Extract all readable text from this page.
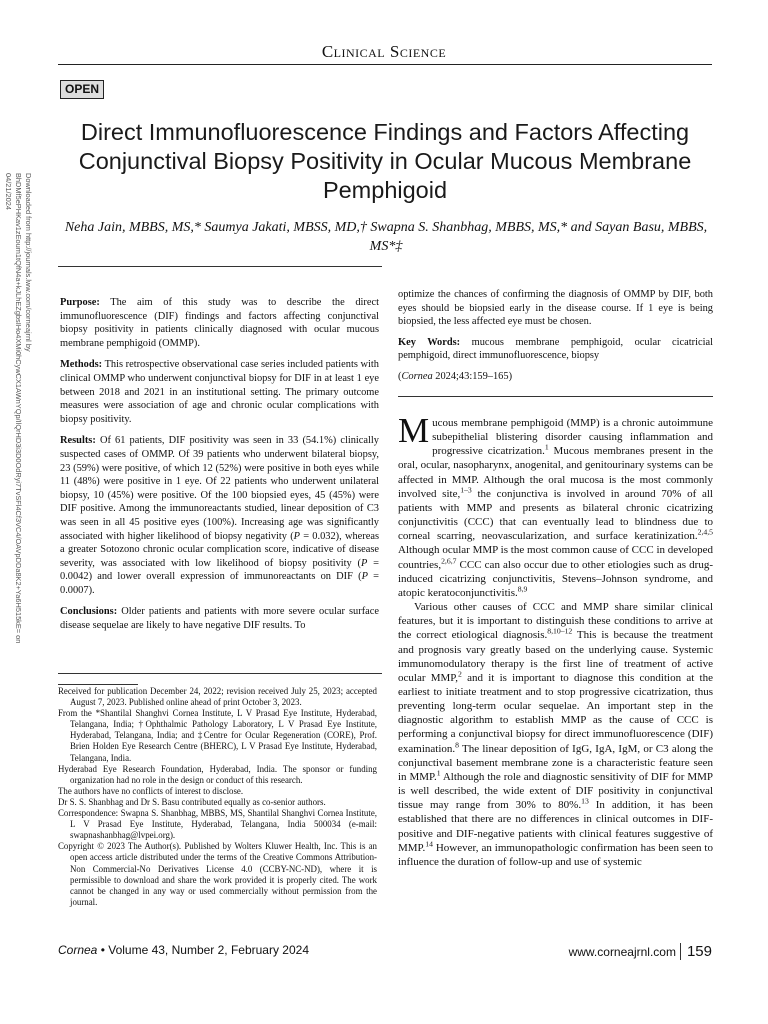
Clinical Science
OPEN
Downloaded from http://journals.lww.com/corneajrnl by BhDMf5ePHKav1zEoum1tQfN4a+kJLhEZgbsIHo4XMi0hCywCX1AWnYQp/IlQrHD3i3D0OdRyi7TvSFl4Cf3VC4/OAVpDDa8K2+Ya6H515kE= on 04/21/2024
Direct Immunofluorescence Findings and Factors Affecting Conjunctival Biopsy Positivity in Ocular Mucous Membrane Pemphigoid
Neha Jain, MBBS, MS,* Saumya Jakati, MBSS, MD,† Swapna S. Shanbhag, MBBS, MS,* and Sayan Basu, MBBS, MS*‡

Purpose: The aim of this study was to describe the direct immunofluorescence (DIF) findings and factors affecting conjunctival biopsy positivity in patients clinically diagnosed with ocular mucous membrane pemphigoid (OMMP).

Methods: This retrospective observational case series included patients with clinical OMMP who underwent conjunctival biopsy for DIF in at least 1 eye between 2018 and 2021 in an institutional setting. The primary outcome measures were association of age and chronic ocular complications with biopsy positivity.

Results: Of 61 patients, DIF positivity was seen in 33 (54.1%) clinically suspected cases of OMMP. Of 39 patients who underwent bilateral biopsy, 23 (59%) were positive, of which 12 (52%) were positive in both eyes while 11 (48%) were positive in 1 eye. Of 22 patients who underwent unilateral biopsy, 10 (45%) were positive. Of the 100 biopsied eyes, 45 (45%) were DIF positive. Among the immunoreactants studied, linear deposition of C3 was seen in all 45 positive eyes (100%). Increasing age was significantly associated with higher likelihood of biopsy negativity (P = 0.032), whereas a greater Sotozono chronic ocular complication score, indicative of disease severity, was associated with low likelihood of biopsy positivity (P = 0.0042) and lower overall expression of immunoreactants on DIF (P = 0.0007).

Conclusions: Older patients and patients with more severe ocular surface disease sequelae are likely to have negative DIF results. To

optimize the chances of confirming the diagnosis of OMMP by DIF, both eyes should be biopsied early in the disease course. If 1 eye is being biopsied, the less affected eye must be chosen.

Key Words: mucous membrane pemphigoid, ocular cicatricial pemphigoid, direct immunofluorescence, biopsy

(Cornea 2024;43:159–165)

Mucous membrane pemphigoid (MMP) is a chronic autoimmune subepithelial blistering disorder causing inflammation and progressive cicatrization.$^1$ Mucous membranes present in the oral, ocular, nasopharynx, anogenital, and genitourinary systems can be affected in MMP. Although the oral mucosa is the most commonly involved site,$^{1-3}$ the conjunctiva is involved in around 70% of all patients with MMP and presents as bilateral chronic cicatrizing conjunctivitis (CCC) that can eventually lead to blindness due to corneal scarring, neovascularization, and surface keratinization.$^{2,4,5}$ Although ocular MMP is the most common cause of CCC in developed countries,$^{2,6,7}$ CCC can also occur due to other etiologies such as drug-induced cicatrizing conjunctivitis, Stevens–Johnson syndrome, and atopic keratoconjunctivitis.$^{8,9}$

Various other causes of CCC and MMP share similar clinical features, but it is important to distinguish these conditions to arrive at the correct etiological diagnosis.$^{8,10-12}$ This is because the treatment and prognosis vary greatly based on the underlying cause. Systemic immunomodulatory therapy is the first line of treatment of active ocular MMP,$^2$ and it is important to diagnose this condition at the earliest to initiate treatment and to stop progressive cicatrization, thus preventing long-term ocular sequelae. An important step in the diagnostic algorithm to establish MMP as the cause of CCC is performing a conjunctival biopsy for direct immunofluorescence (DIF) examination.$^8$ The linear deposition of IgG, IgA, IgM, or C3 along the conjunctival basement membrane zone is a characteristic feature seen in MMP.$^1$ Although the role and diagnostic sensitivity of DIF for MMP is well described, the wide extent of DIF positivity in conjunctival tissue may range from 30% to 80%.$^{13}$ In addition, it has been established that there are no differences in clinical outcomes in DIF-positive and DIF-negative patients with clinical features suggestive of MMP.$^{14}$ However, an immunopathologic confirmation has been seen to influence the duration of follow-up and use of systemic

Received for publication December 24, 2022; revision received July 25, 2023; accepted August 7, 2023. Published online ahead of print October 3, 2023.

From the *Shantilal Shanghvi Cornea Institute, L V Prasad Eye Institute, Hyderabad, Telangana, India; †Ophthalmic Pathology Laboratory, L V Prasad Eye Institute, Hyderabad, Telangana, India; and ‡Centre for Ocular Regeneration (CORE), Prof. Brien Holden Eye Research Centre (BHERC), L V Prasad Eye Institute, Hyderabad, Telangana, India.

Hyderabad Eye Research Foundation, Hyderabad, India. The sponsor or funding organization had no role in the design or conduct of this research.

The authors have no conflicts of interest to disclose.

Dr S. S. Shanbhag and Dr S. Basu contributed equally as co-senior authors.

Correspondence: Swapna S. Shanbhag, MBBS, MS, Shantilal Shanghvi Cornea Institute, L V Prasad Eye Institute, Hyderabad, Telangana, India 500034 (e-mail: swapnashanbhag@lvpei.org).

Copyright © 2023 The Author(s). Published by Wolters Kluwer Health, Inc. This is an open access article distributed under the terms of the Creative Commons Attribution-Non Commercial-No Derivatives License 4.0 (CCBY-NC-ND), where it is permissible to download and share the work provided it is properly cited. The work cannot be changed in any way or used commercially without permission from the journal.

Cornea • Volume 43, Number 2, February 2024	www.corneajrnl.com 159
